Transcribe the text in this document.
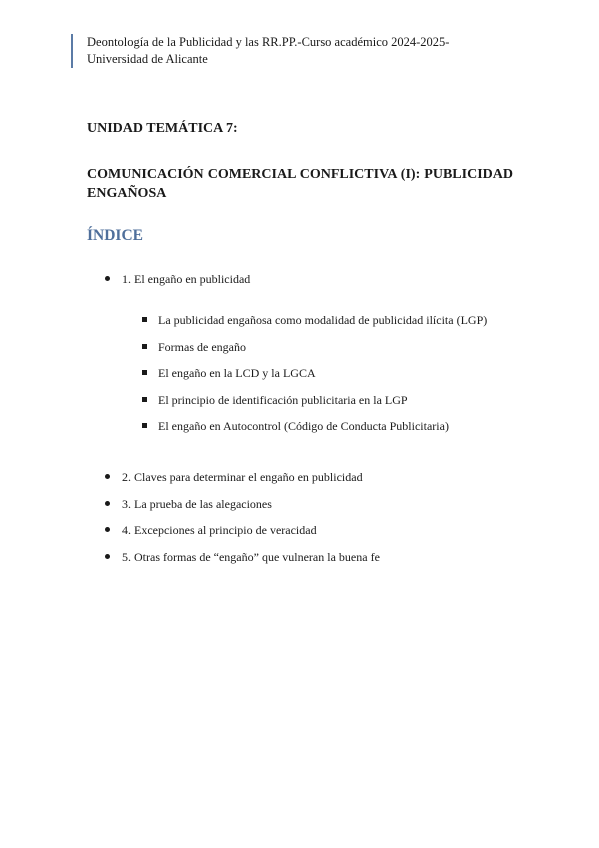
Deontología de la Publicidad y las RR.PP.-Curso académico 2024-2025-
Universidad de Alicante
UNIDAD TEMÁTICA 7:
COMUNICACIÓN COMERCIAL CONFLICTIVA (I): PUBLICIDAD ENGAÑOSA
ÍNDICE
1. El engaño en publicidad
La publicidad engañosa como modalidad de publicidad ilícita (LGP)
Formas de engaño
El engaño en la LCD y la LGCA
El principio de identificación publicitaria en la LGP
El engaño en Autocontrol (Código de Conducta Publicitaria)
2. Claves para determinar el engaño en publicidad
3. La prueba de las alegaciones
4. Excepciones al principio de veracidad
5. Otras formas de “engaño” que vulneran la buena fe
